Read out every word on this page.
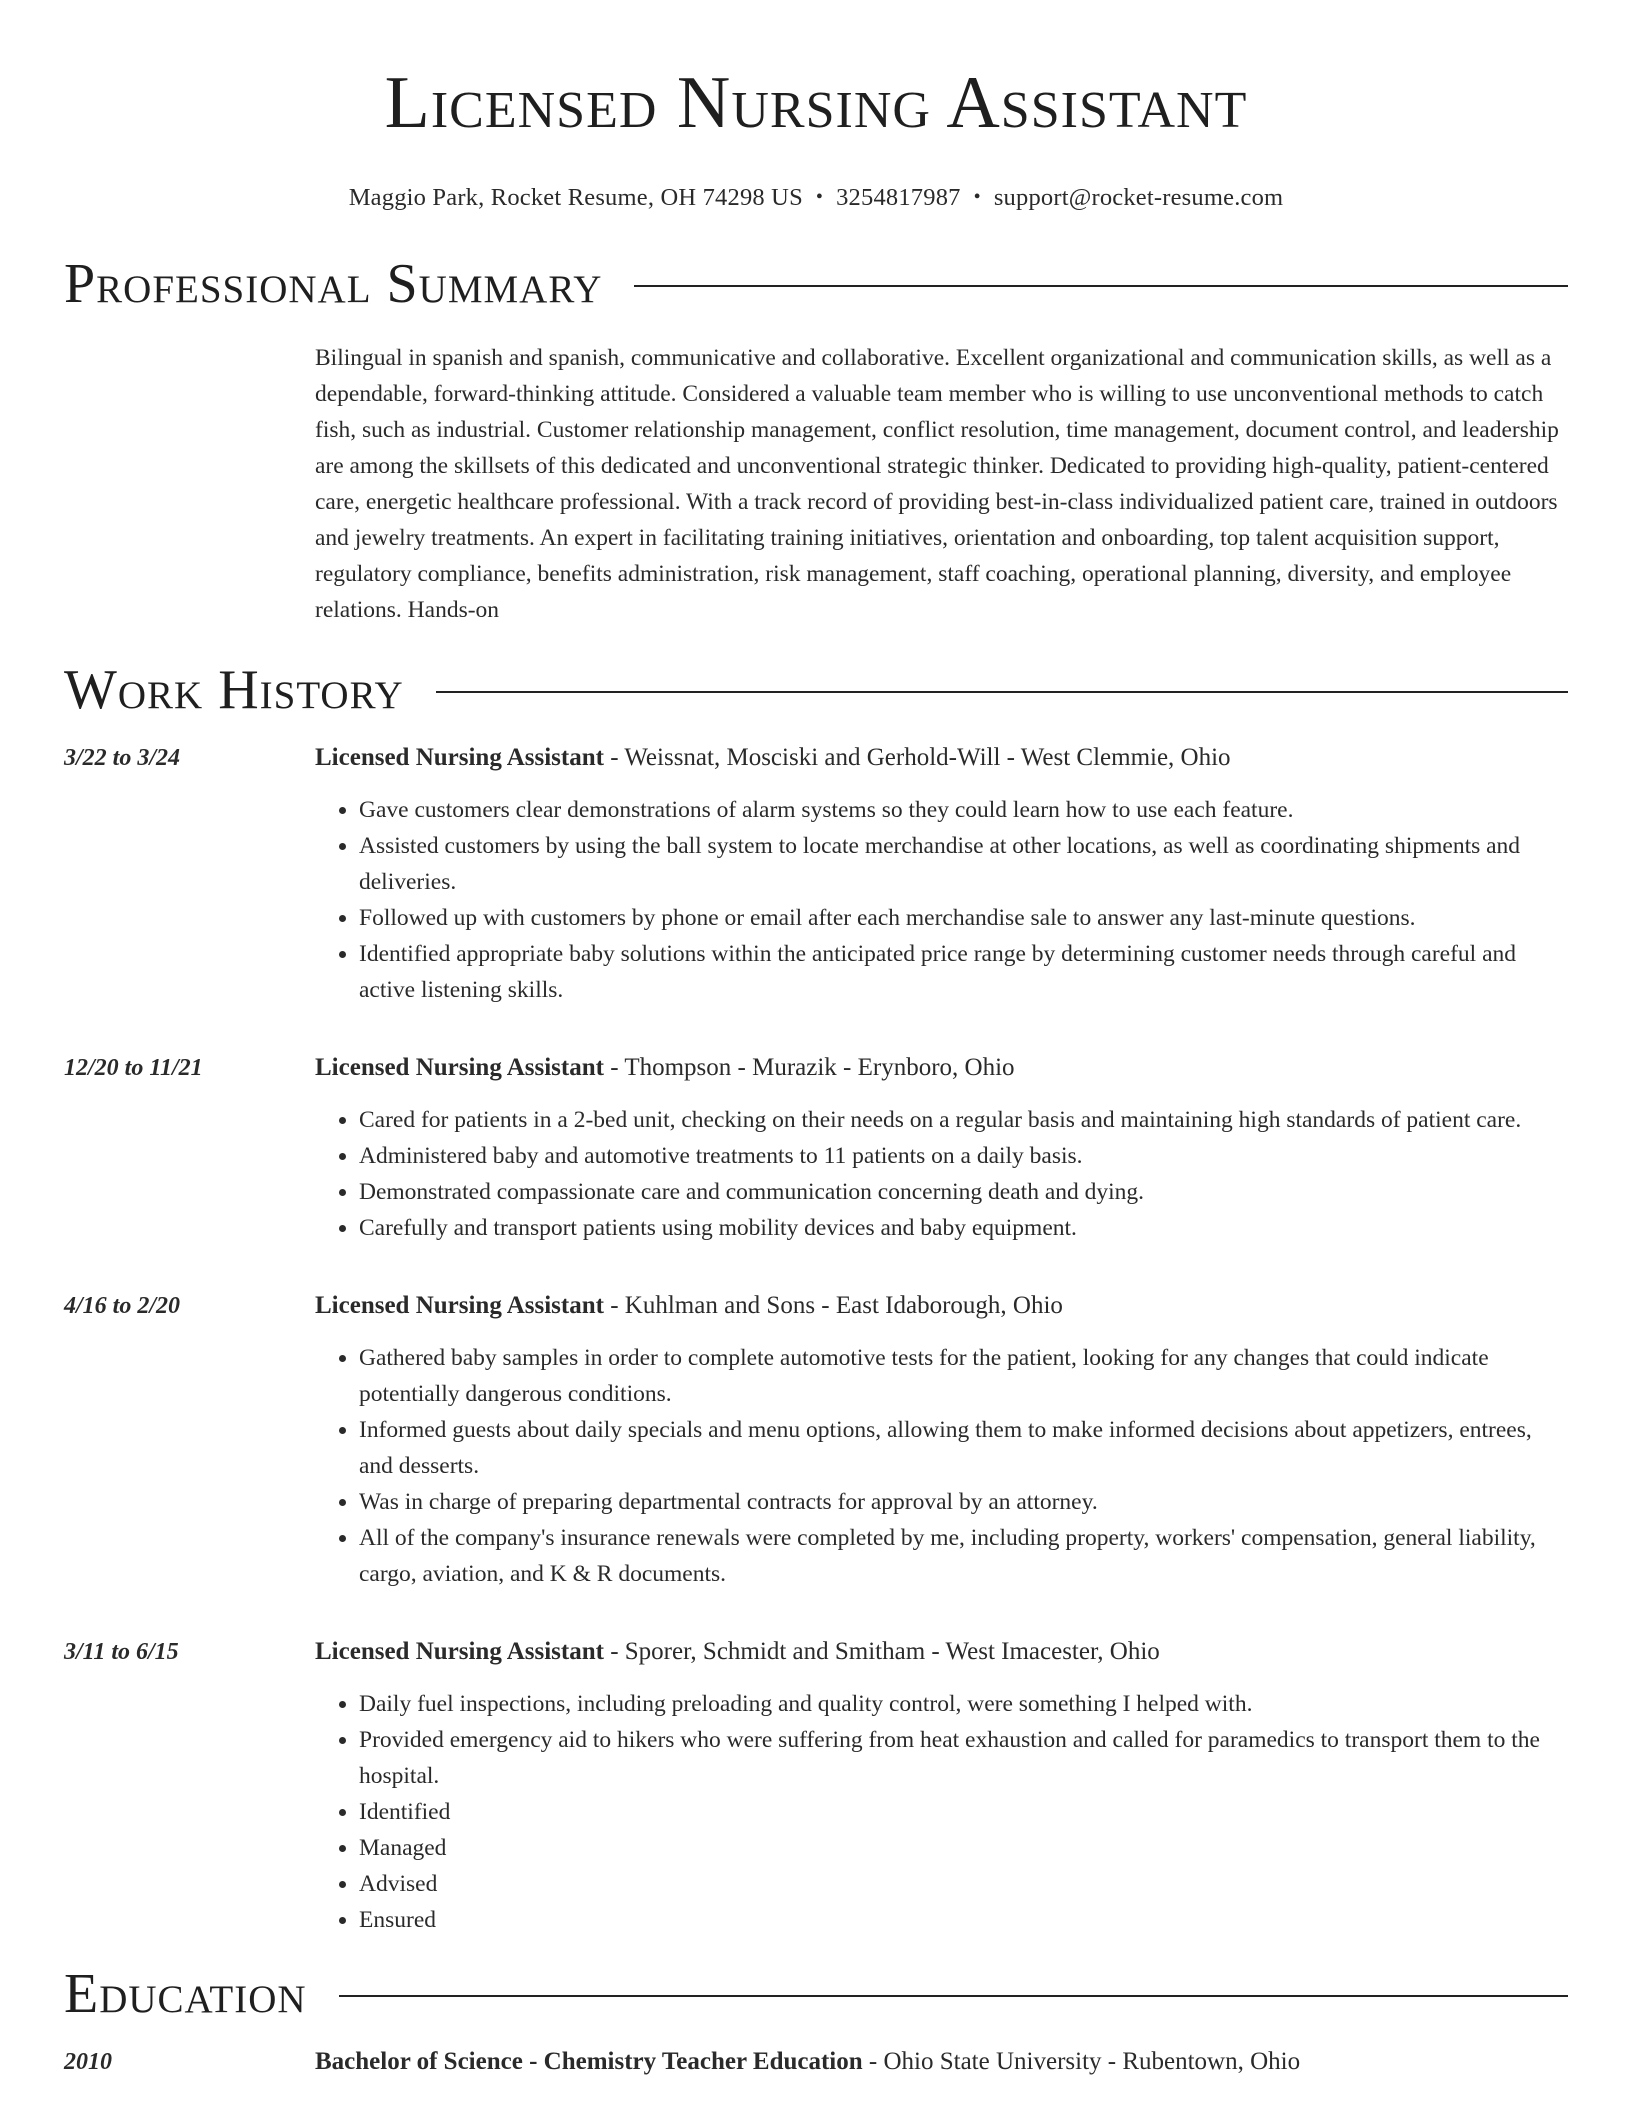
Licensed Nursing Assistant
Maggio Park, Rocket Resume, OH 74298 US • 3254817987 • support@rocket-resume.com
Professional Summary
Bilingual in spanish and spanish, communicative and collaborative. Excellent organizational and communication skills, as well as a dependable, forward-thinking attitude. Considered a valuable team member who is willing to use unconventional methods to catch fish, such as industrial. Customer relationship management, conflict resolution, time management, document control, and leadership are among the skillsets of this dedicated and unconventional strategic thinker. Dedicated to providing high-quality, patient-centered care, energetic healthcare professional. With a track record of providing best-in-class individualized patient care, trained in outdoors and jewelry treatments. An expert in facilitating training initiatives, orientation and onboarding, top talent acquisition support, regulatory compliance, benefits administration, risk management, staff coaching, operational planning, diversity, and employee relations. Hands-on
Work History
3/22 to 3/24	Licensed Nursing Assistant - Weissnat, Mosciski and Gerhold-Will - West Clemmie, Ohio
• Gave customers clear demonstrations of alarm systems so they could learn how to use each feature.
• Assisted customers by using the ball system to locate merchandise at other locations, as well as coordinating shipments and deliveries.
• Followed up with customers by phone or email after each merchandise sale to answer any last-minute questions.
• Identified appropriate baby solutions within the anticipated price range by determining customer needs through careful and active listening skills.
12/20 to 11/21	Licensed Nursing Assistant - Thompson - Murazik - Erynboro, Ohio
• Cared for patients in a 2-bed unit, checking on their needs on a regular basis and maintaining high standards of patient care.
• Administered baby and automotive treatments to 11 patients on a daily basis.
• Demonstrated compassionate care and communication concerning death and dying.
• Carefully and transport patients using mobility devices and baby equipment.
4/16 to 2/20	Licensed Nursing Assistant - Kuhlman and Sons - East Idaborough, Ohio
• Gathered baby samples in order to complete automotive tests for the patient, looking for any changes that could indicate potentially dangerous conditions.
• Informed guests about daily specials and menu options, allowing them to make informed decisions about appetizers, entrees, and desserts.
• Was in charge of preparing departmental contracts for approval by an attorney.
• All of the company's insurance renewals were completed by me, including property, workers' compensation, general liability, cargo, aviation, and K & R documents.
3/11 to 6/15	Licensed Nursing Assistant - Sporer, Schmidt and Smitham - West Imacester, Ohio
• Daily fuel inspections, including preloading and quality control, were something I helped with.
• Provided emergency aid to hikers who were suffering from heat exhaustion and called for paramedics to transport them to the hospital.
• Identified
• Managed
• Advised
• Ensured
Education
2010	Bachelor of Science - Chemistry Teacher Education - Ohio State University - Rubentown, Ohio
